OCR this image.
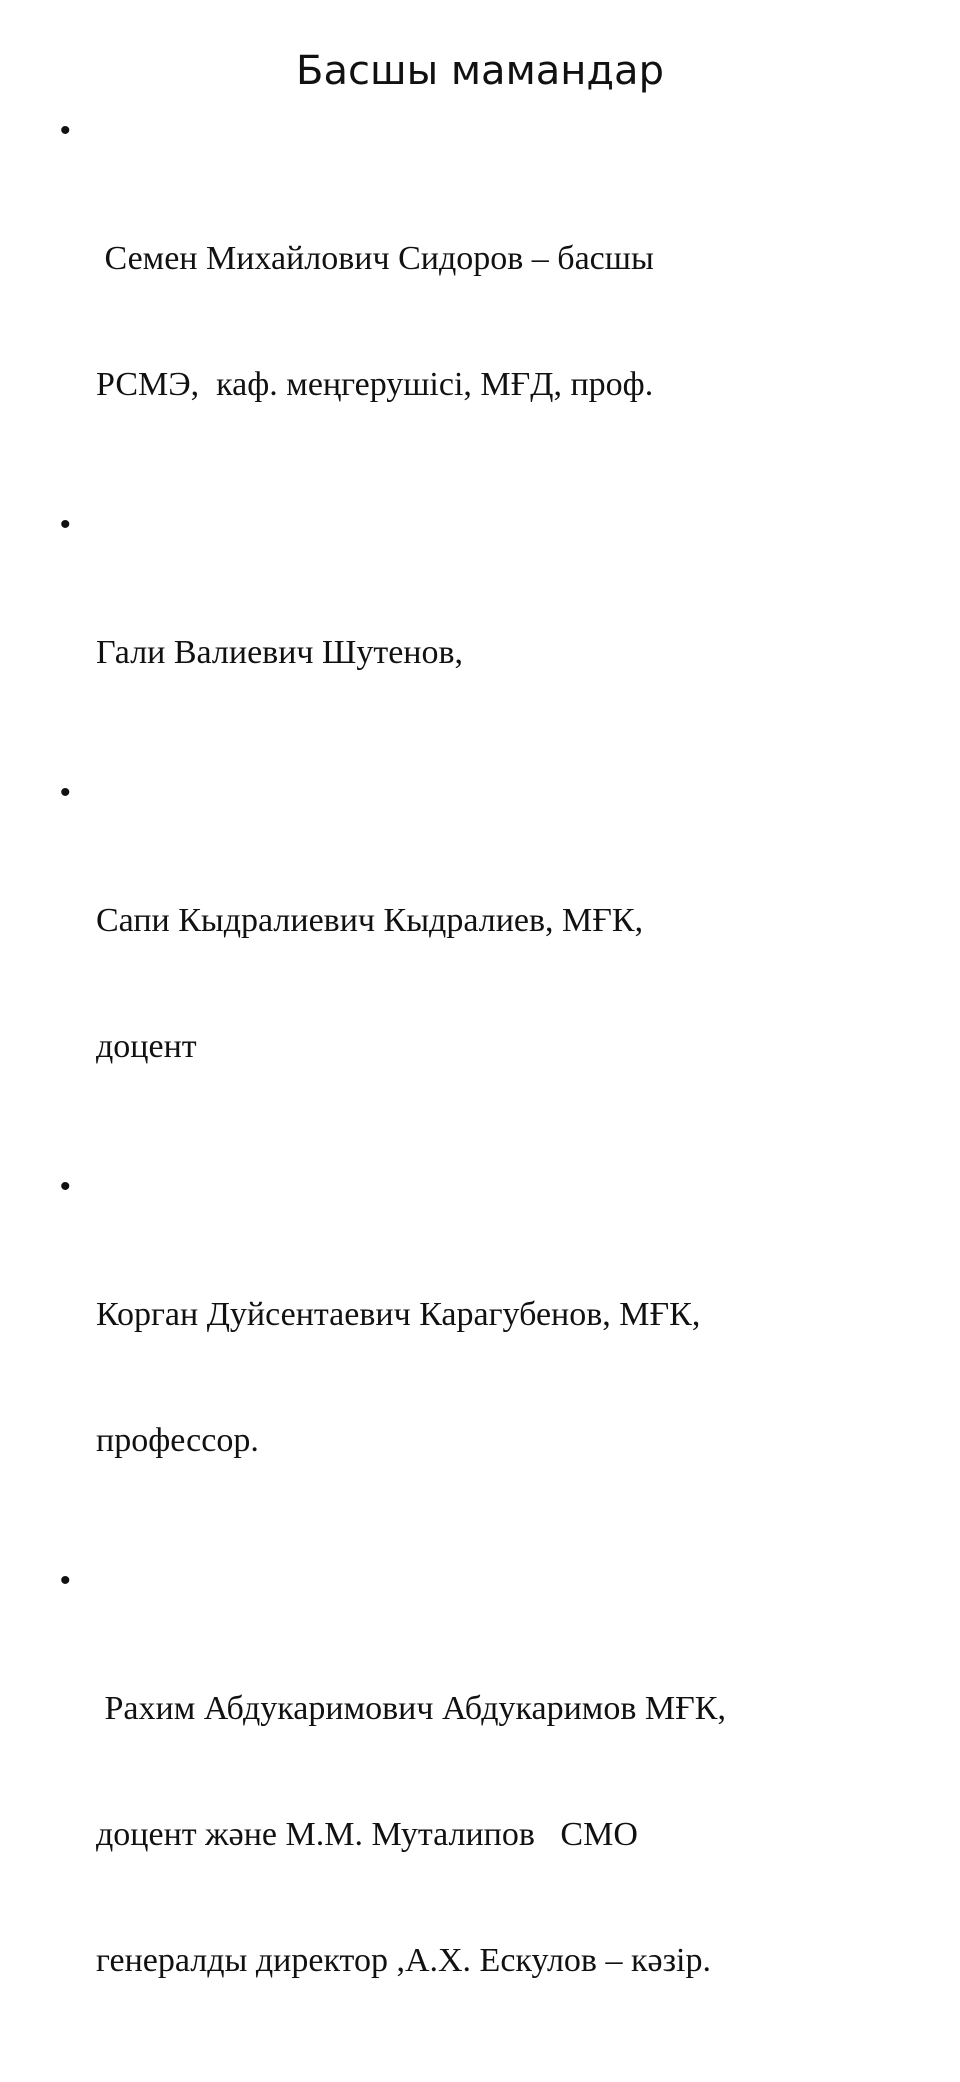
Басшы мамандар

•

Семен Михайлович Сидоров – басшы

РСМЭ,  каф. меңгерушісі, МҒД, проф.

•

Гали Валиевич Шутенов,

•

Сапи Кыдралиевич Кыдралиев, МҒК,

доцент

•

Корган Дуйсентаевич Карагубенов, МҒК,

профессор.

•

Рахим Абдукаримович Абдукаримов МҒК,

доцент және М.М. Муталипов   СМО

генералды директор ,А.Х. Ескулов – кәзір.
